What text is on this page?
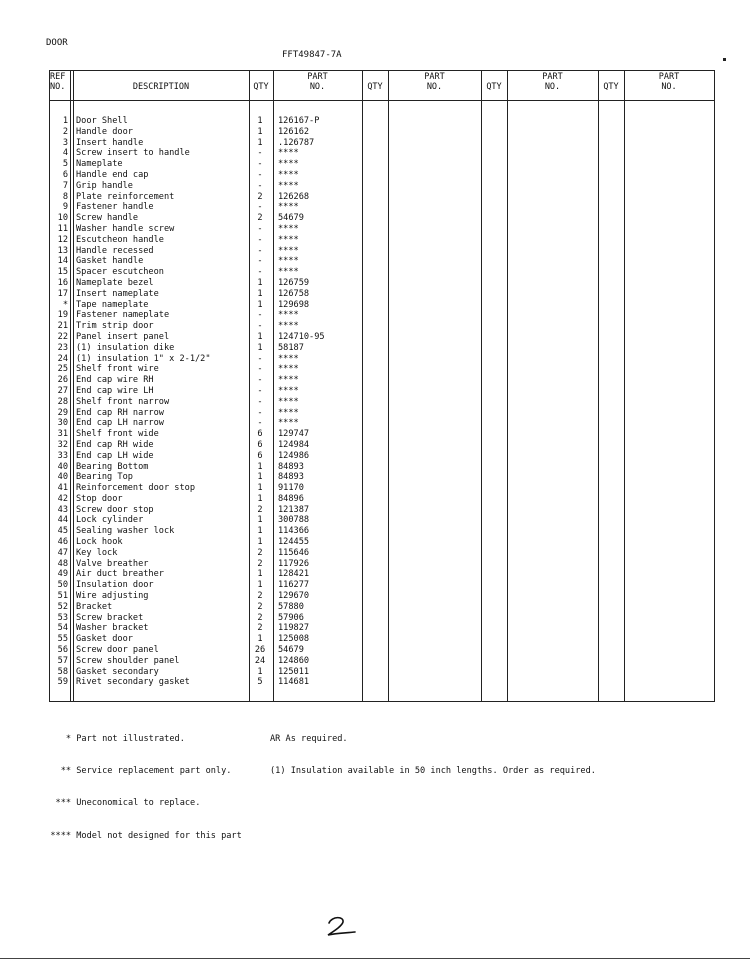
DOOR
FFT49847-7A
REF
NO.	DESCRIPTION	QTY
PART
NO.	QTY
PART
NO.	QTY
PART
NO.	QTY
PART
NO.
1 Door Shell	1	126167-P
2 Handle door	1	126162
3 Insert handle	1	.126787
4 Screw insert to handle	-	****
5 Nameplate	-	****
6 Handle end cap	-	****
7 Grip handle	-	****
8 Plate reinforcement	2	126268
9 Fastener handle	-	****
10 Screw handle	2	54679
11 Washer handle screw	-	****
12 Escutcheon handle	-	****
13 Handle recessed	-	****
14 Gasket handle	-	****
15 Spacer escutcheon	-	****
16 Nameplate bezel	1	126759
17 Insert nameplate	1	126758
* Tape nameplate	1	129698
19 Fastener nameplate	-	****
21 Trim strip door	-	****
22 Panel insert panel	1	124710-95
23 (1) insulation dike	1	58187
24 (1) insulation 1" x 2-1/2"	-	****
25 Shelf front wire	-	****
26 End cap wire RH	-	****
27 End cap wire LH	-	****
28 Shelf front narrow	-	****
29 End cap RH narrow	-	****
30 End cap LH narrow	-	****
31 Shelf front wide	6	129747
32 End cap RH wide	6	124984
33 End cap LH wide	6	124986
40 Bearing Bottom	1	84893
40 Bearing Top	1	84893
41 Reinforcement door stop	1	91170
42 Stop door	1	84896
43 Screw door stop	2	121387
44 Lock cylinder	1	300788
45 Sealing washer lock	1	114366
46 Lock hook	1	124455
47 Key lock	2	115646
48 Valve breather	2	117926
49 Air duct breather	1	128421
50 Insulation door	1	116277
51 Wire adjusting	2	129670
52 Bracket	2	57880
53 Screw bracket	2	57906
54 Washer bracket	2	119827
55 Gasket door	1	125008
56 Screw door panel	26 54679
57 Screw shoulder panel	24 124860
58 Gasket secondary	1	125011
59 Rivet secondary gasket	5	114681

* Part not illustrated.

** Service replacement part only.

*** Uneconomical to replace.

**** Model not designed for this part

AR As required.

(1) Insulation available in 50 inch lengths. Order as required.
